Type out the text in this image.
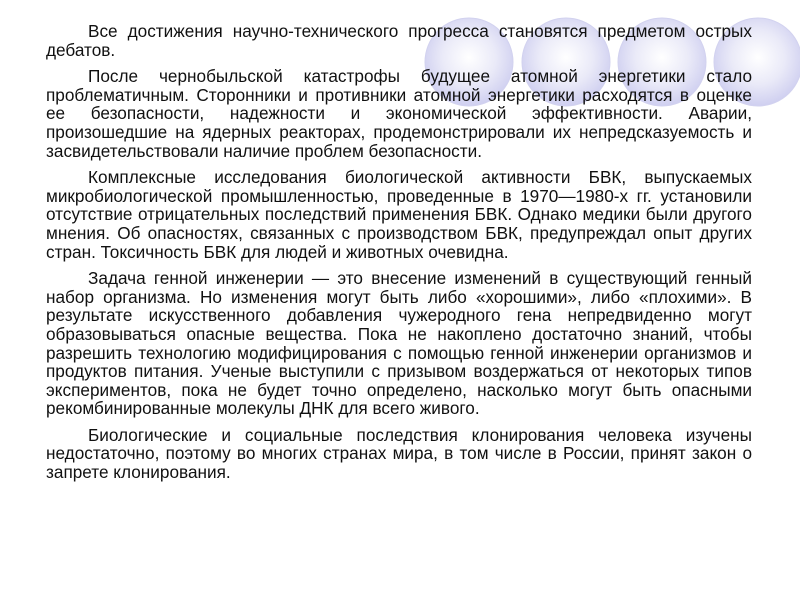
Все достижения научно-технического прогресса становятся предметом острых дебатов.

После чернобыльской катастрофы будущее атомной энергетики стало проблематичным. Сторонники и противники атомной энергетики расходятся в оценке ее безопасности, надежности и экономической эффективности. Аварии, произошедшие на ядерных реакторах, продемонстрировали их непредсказуемость и засвидетельствовали наличие проблем безопасности.

Комплексные исследования биологической активности БВК, выпускаемых микробиологической промышленностью, проведенные в 1970—1980-х гг. установили отсутствие отрицательных последствий применения БВК. Однако медики были другого мнения. Об опасностях, связанных с производством БВК, предупреждал опыт других стран. Токсичность БВК для людей и животных очевидна.

Задача генной инженерии — это внесение изменений в существующий генный набор организма. Но изменения могут быть либо «хорошими», либо «плохими». В результате искусственного добавления чужеродного гена непредвиденно могут образовываться опасные вещества. Пока не накоплено достаточно знаний, чтобы разрешить технологию модифицирования с помощью генной инженерии организмов и продуктов питания. Ученые выступили с призывом воздержаться от некоторых типов экспериментов, пока не будет точно определено, насколько могут быть опасными рекомбинированные молекулы ДНК для всего живого.

Биологические и социальные последствия клонирования человека изучены недостаточно, поэтому во многих странах мира, в том числе в России, принят закон о запрете клонирования.
